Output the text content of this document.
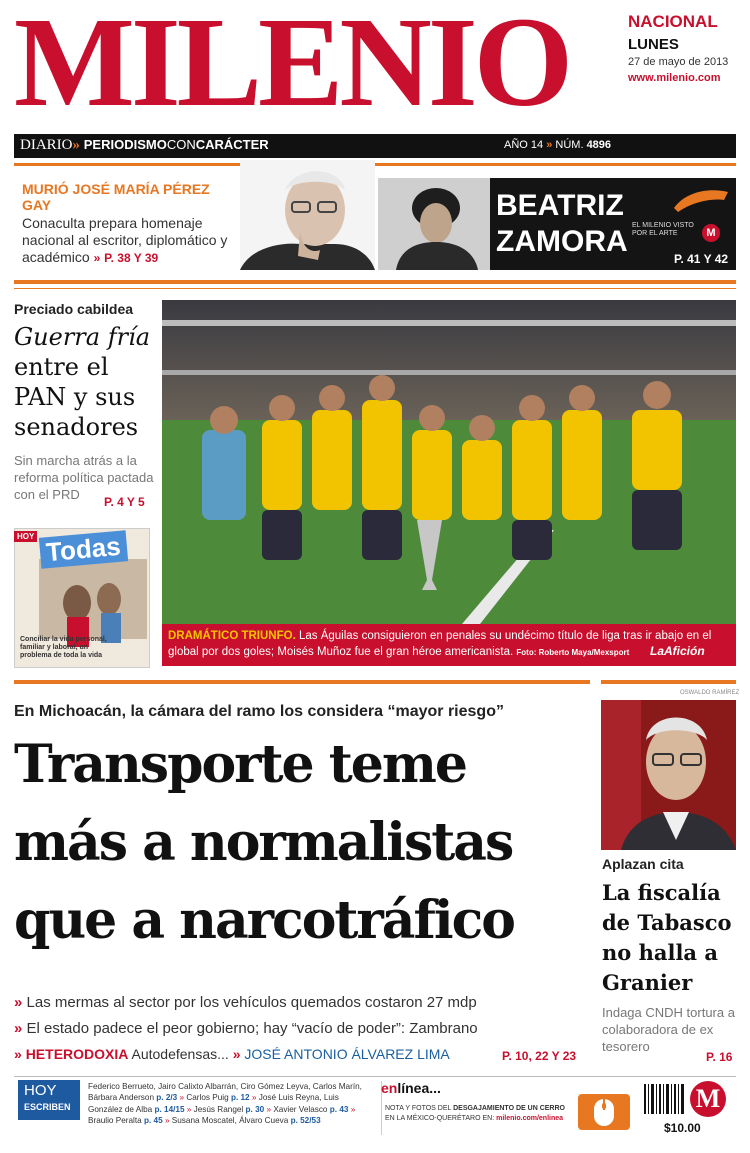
MILENIO	NACIONAL
LUNES
27 de mayo de 2013
www.milenio.com
DIARIO» PERIODISMOCONCARÁCTER	AÑO 14 » NÚM. 4896
MURIÓ JOSÉ MARÍA PÉREZ GAY
Conaculta prepara homenaje nacional al escritor, diplomático y académico » P. 38 Y 39
BEATRIZ ZAMORA EL MILENIO VISTO POR EL ARTE	M
P. 41 Y 42
Preciado cabildea
Guerra fría
entre el PAN y sus senadores
Sin marcha atrás a la reforma política pactada con el PRD	P. 4 Y 5
HOY Todas
Conciliar la vida personal, familiar y laboral, un problema de toda la vida
DRAMÁTICO TRIUNFO. Las Águilas consiguieron en penales su undécimo título de liga tras ir abajo en el global por dos goles; Moisés Muñoz fue el gran héroe americanista. Foto: Roberto Maya/Mexsport	LaAfición
En Michoacán, la cámara del ramo los considera “mayor riesgo”
Transporte teme
más a normalistas
que a narcotráfico
» Las mermas al sector por los vehículos quemados costaron 27 mdp
» El estado padece el peor gobierno; hay “vacío de poder”: Zambrano
» HETERODOXIA Autodefensas... » JOSÉ ANTONIO ÁLVAREZ LIMA	P. 10, 22 Y 23
OSWALDO RAMÍREZ
Aplazan cita
La fiscalía de Tabasco no halla a Granier
Indaga CNDH tortura a colaboradora de ex tesorero
P. 16
HOY
ESCRIBEN
Federico Berrueto, Jairo Calixto Albarrán, Ciro Gómez Leyva, Carlos Marín, Bárbara Anderson p. 2/3 » Carlos Puig p. 12 » José Luis Reyna, Luis González de Alba p. 14/15 » Jesús Rangel p. 30 » Xavier Velasco p. 43 » Braulio Peralta p. 45 » Susana Moscatel, Álvaro Cueva p. 52/53
enlínea...
NOTA Y FOTOS DEL DESGAJAMIENTO DE UN CERRO EN LA MÉXICO-QUERÉTARO EN: milenio.com/enlinea
M
$10.00
